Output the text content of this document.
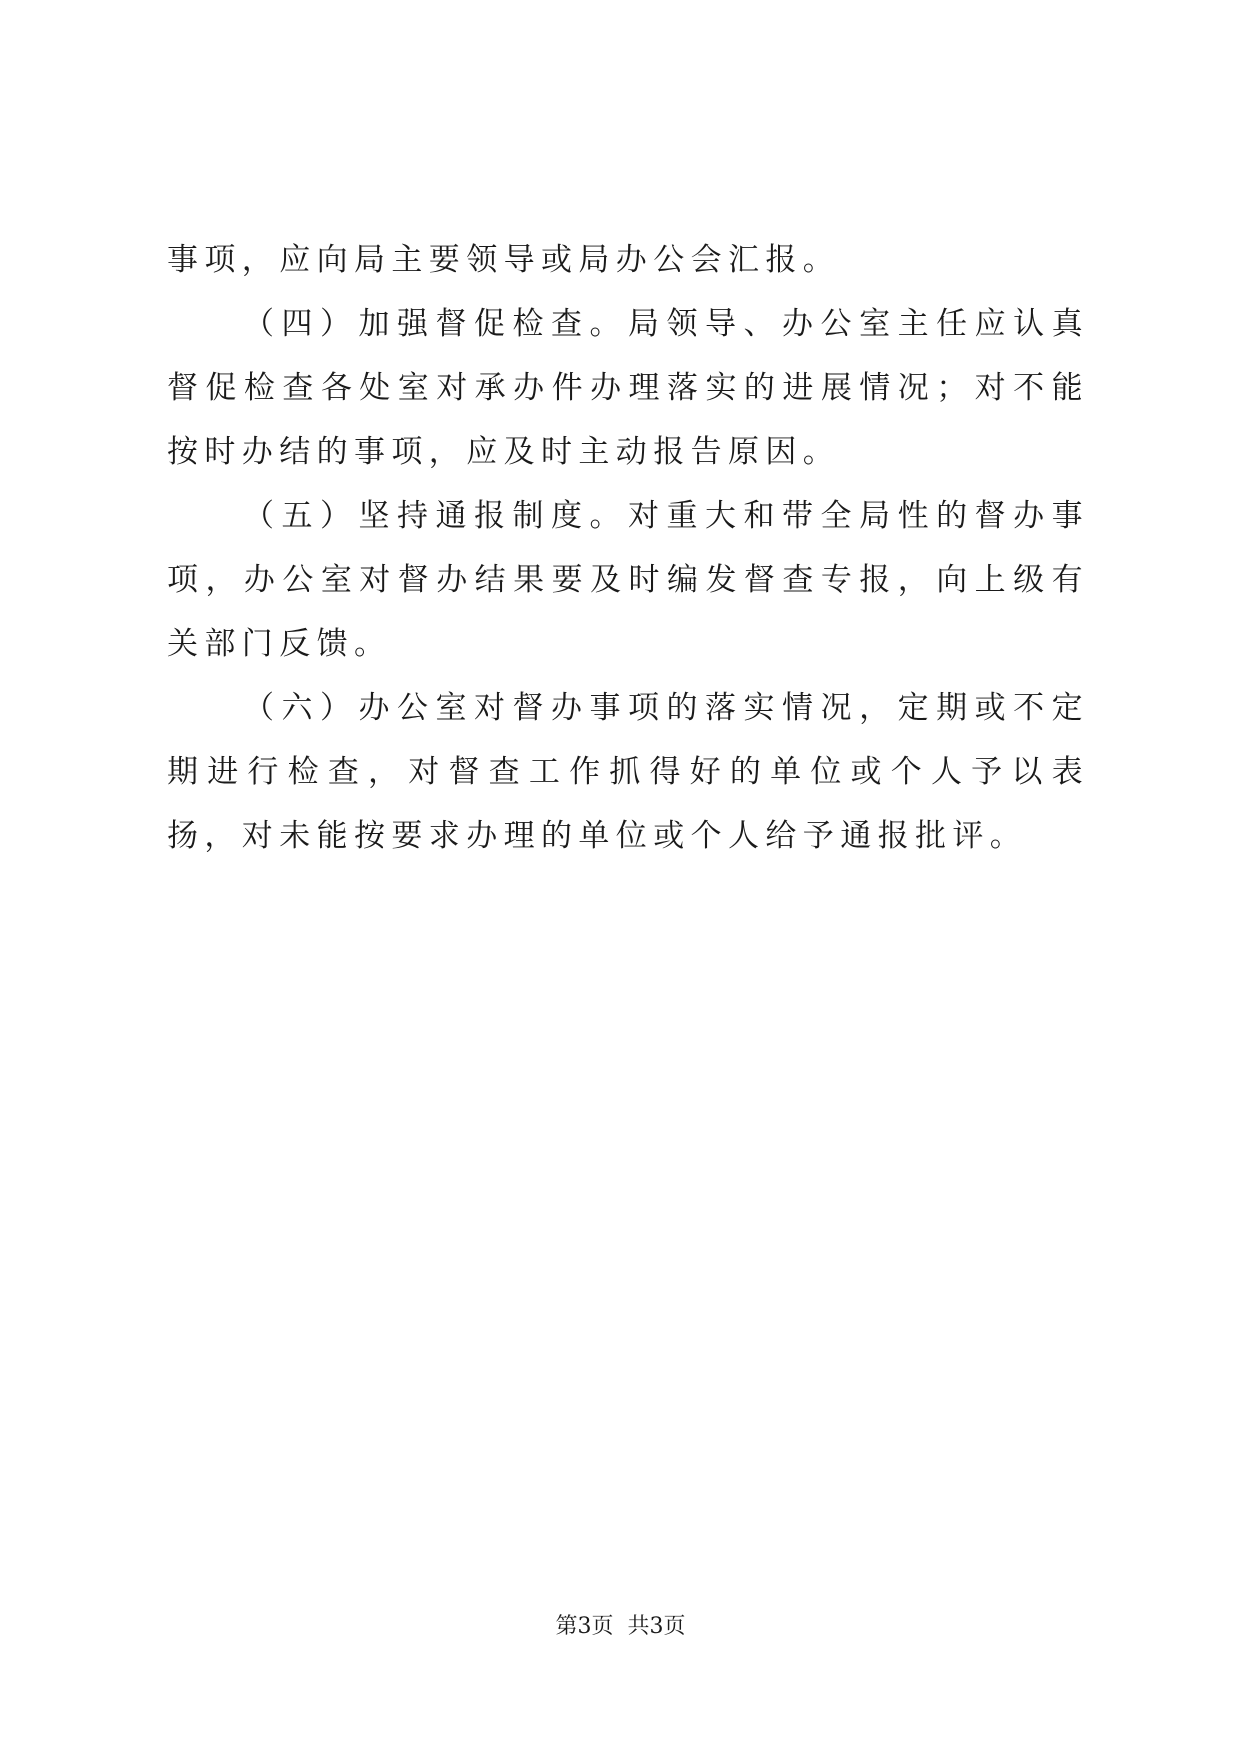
事项，应向局主要领导或局办公会汇报。

（四）加强督促检查。局领导、办公室主任应认真督促检查各处室对承办件办理落实的进展情况；对不能按时办结的事项，应及时主动报告原因。

（五）坚持通报制度。对重大和带全局性的督办事项，办公室对督办结果要及时编发督查专报，向上级有关部门反馈。

（六）办公室对督办事项的落实情况，定期或不定期进行检查，对督查工作抓得好的单位或个人予以表扬，对未能按要求办理的单位或个人给予通报批评。

第3页 共3页
